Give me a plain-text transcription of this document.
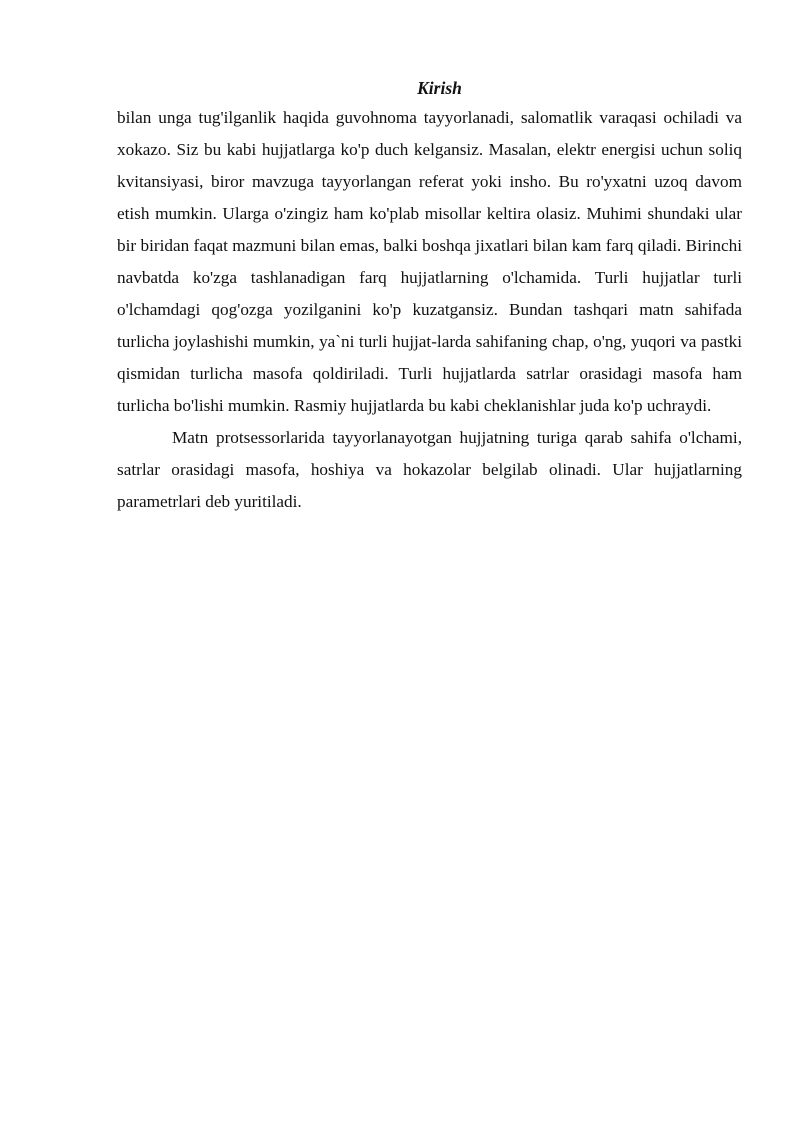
Kirish

bilan unga tug'ilganlik haqida guvohnoma tayyorlanadi, salomatlik varaqasi ochiladi va xokazo. Siz bu kabi hujjatlarga ko'p duch kelgansiz. Masalan, elektr energisi uchun soliq kvitansiyasi, biror mavzuga tayyorlangan referat yoki insho. Bu ro'yxatni uzoq davom etish mumkin. Ularga o'zingiz ham ko'plab misollar keltira olasiz. Muhimi shundaki ular bir biridan faqat mazmuni bilan emas, balki boshqa jixatlari bilan kam farq qiladi. Birinchi navbatda ko'zga tashlanadigan farq hujjatlarning o'lchamida. Turli hujjatlar turli o'lchamdagi qog'ozga yozilganini ko'p kuzatgansiz. Bundan tashqari matn sahifada turlicha joylashishi mumkin, ya`ni turli hujjat-larda sahifaning chap, o'ng, yuqori va pastki qismidan turlicha masofa qoldiriladi. Turli hujjatlarda satrlar orasidagi masofa ham turlicha bo'lishi mumkin. Rasmiy hujjatlarda bu kabi cheklanishlar juda ko'p uchraydi.

Matn protsessorlarida tayyorlanayotgan hujjatning turiga qarab sahifa o'lchami, satrlar orasidagi masofa, hoshiya va hokazolar belgilab olinadi. Ular hujjatlarning parametrlari deb yuritiladi.
